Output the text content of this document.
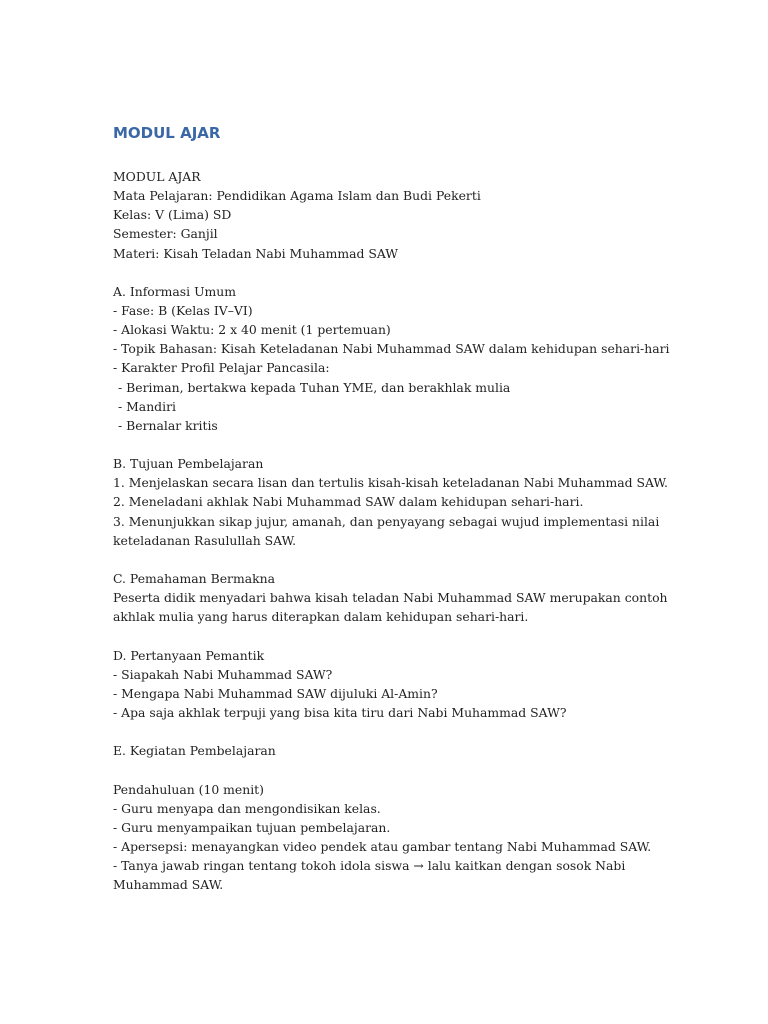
MODUL AJAR
MODUL AJAR
Mata Pelajaran: Pendidikan Agama Islam dan Budi Pekerti
Kelas: V (Lima) SD
Semester: Ganjil
Materi: Kisah Teladan Nabi Muhammad SAW
A. Informasi Umum
- Fase: B (Kelas IV–VI)
- Alokasi Waktu: 2 x 40 menit (1 pertemuan)
- Topik Bahasan: Kisah Keteladanan Nabi Muhammad SAW dalam kehidupan sehari-hari
- Karakter Profil Pelajar Pancasila:
- Beriman, bertakwa kepada Tuhan YME, dan berakhlak mulia
- Mandiri
- Bernalar kritis
B. Tujuan Pembelajaran
1. Menjelaskan secara lisan dan tertulis kisah-kisah keteladanan Nabi Muhammad SAW.
2. Meneladani akhlak Nabi Muhammad SAW dalam kehidupan sehari-hari.
3. Menunjukkan sikap jujur, amanah, dan penyayang sebagai wujud implementasi nilai
keteladanan Rasulullah SAW.
C. Pemahaman Bermakna
Peserta didik menyadari bahwa kisah teladan Nabi Muhammad SAW merupakan contoh
akhlak mulia yang harus diterapkan dalam kehidupan sehari-hari.
D. Pertanyaan Pemantik
- Siapakah Nabi Muhammad SAW?
- Mengapa Nabi Muhammad SAW dijuluki Al-Amin?
- Apa saja akhlak terpuji yang bisa kita tiru dari Nabi Muhammad SAW?
E. Kegiatan Pembelajaran
Pendahuluan (10 menit)
- Guru menyapa dan mengondisikan kelas.
- Guru menyampaikan tujuan pembelajaran.
- Apersepsi: menayangkan video pendek atau gambar tentang Nabi Muhammad SAW.
- Tanya jawab ringan tentang tokoh idola siswa → lalu kaitkan dengan sosok Nabi
Muhammad SAW.
